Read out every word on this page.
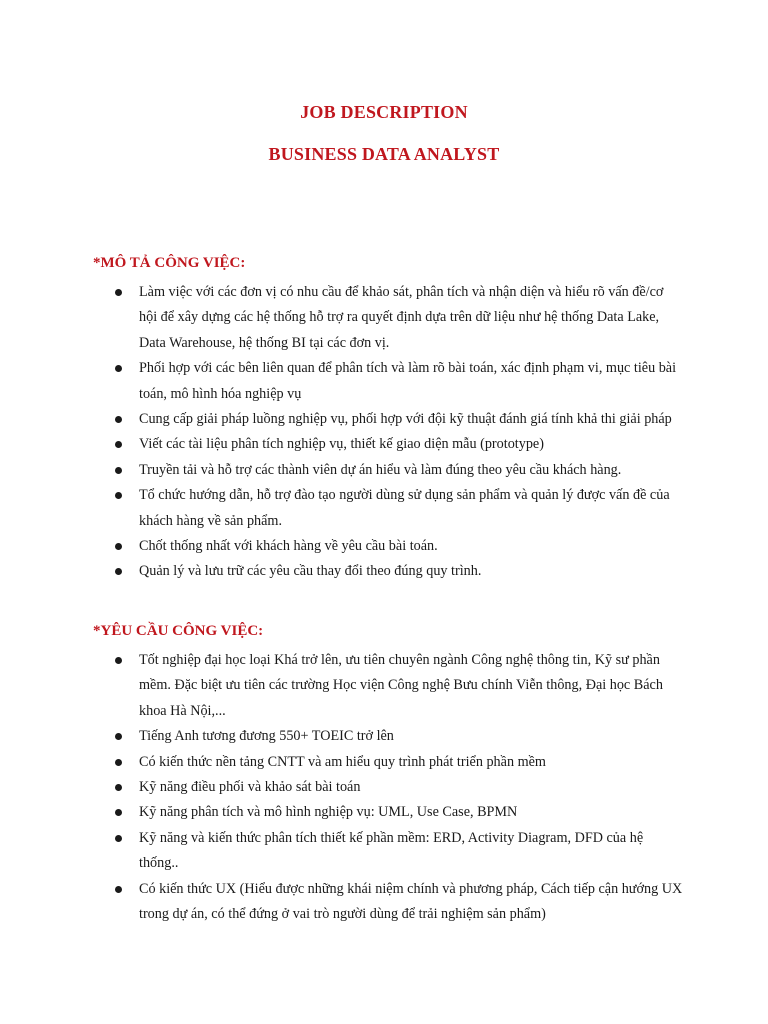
JOB DESCRIPTION
BUSINESS DATA ANALYST
*MÔ TẢ CÔNG VIỆC:
Làm việc với các đơn vị có nhu cầu để khảo sát, phân tích và nhận diện và hiểu rõ vấn đề/cơ hội để xây dựng các hệ thống hỗ trợ ra quyết định dựa trên dữ liệu như hệ thống Data Lake, Data Warehouse, hệ thống BI tại các đơn vị.
Phối hợp với các bên liên quan để phân tích và làm rõ bài toán, xác định phạm vi, mục tiêu bài toán, mô hình hóa nghiệp vụ
Cung cấp giải pháp luồng nghiệp vụ, phối hợp với đội kỹ thuật đánh giá tính khả thi giải pháp
Viết các tài liệu phân tích nghiệp vụ, thiết kế giao diện mẫu (prototype)
Truyền tải và hỗ trợ các thành viên dự án hiểu và làm đúng theo yêu cầu khách hàng.
Tổ chức hướng dẫn, hỗ trợ đào tạo người dùng sử dụng sản phẩm và quản lý được vấn đề của khách hàng về sản phẩm.
Chốt thống nhất với khách hàng về yêu cầu bài toán.
Quản lý và lưu trữ các yêu cầu thay đổi theo đúng quy trình.
*YÊU CẦU CÔNG VIỆC:
Tốt nghiệp đại học loại Khá trở lên, ưu tiên chuyên ngành Công nghệ thông tin, Kỹ sư phần mềm. Đặc biệt ưu tiên các trường Học viện Công nghệ Bưu chính Viễn thông, Đại học Bách khoa Hà Nội,...
Tiếng Anh tương đương 550+ TOEIC trở lên
Có kiến thức nền tảng CNTT và am hiểu quy trình phát triển phần mềm
Kỹ năng điều phối và khảo sát bài toán
Kỹ năng phân tích và mô hình nghiệp vụ: UML, Use Case, BPMN
Kỹ năng và kiến thức phân tích thiết kế phần mềm: ERD, Activity Diagram, DFD của hệ thống..
Có kiến thức UX (Hiểu được những khái niệm chính và phương pháp, Cách tiếp cận hướng UX trong dự án, có thể đứng ở vai trò người dùng để trải nghiệm sản phẩm)
